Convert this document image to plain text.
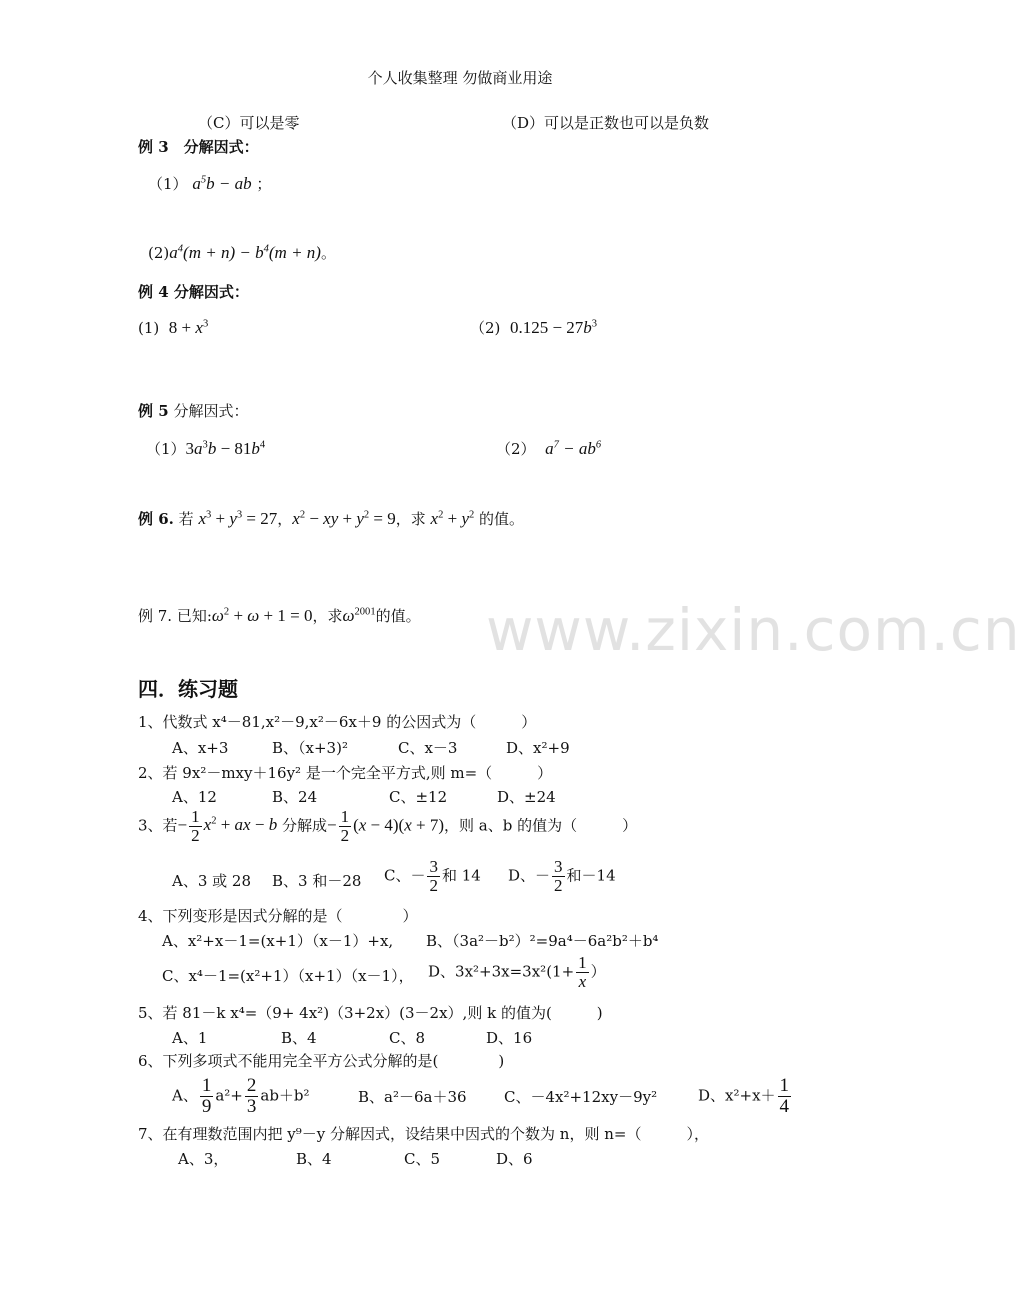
个人收集整理 勿做商业用途
www.zixin.com.cn
（C）可以是零	（D）可以是正数也可以是负数
例 3　分解因式：
（1） $a^5b$ − ab ；
$(2)a^4(m + n) - b^4(m + n)$。
例 4 分解因式：
(1) $8 + x^3$	（2) $0.125 - 27b^3$
例 5 分解因式：
$(1)3a^3b - 81b^4$	（2） $a^7 - ab^6$
例 6. 若 $x^3 + y^3 = 27$，$x^2$ − xy + $y^2 = 9$，求 $x^2 + y^2$ 的值。
例 7. 已知$:\omega^2 + \omega + 1 = 0$，求$\omega^{2001}$的值。
四．练习题
1、代数式 x⁴－81,x²－9,x²－6x＋9 的公因式为（　　　）
A、x+3	B、（x+3)²	C、x－3	D、x²+9
2、若 9x²－mxy＋16y² 是一个完全平方式,则 m=（　　　）
A、12	B、24	C、±12	D、±24
3、若− $\frac{1}{2} x^2$ + ax − b 分解成− $\frac{1}{2} (x - 4)(x + 7)$，则 a、b 的值为（　　　）
A、3 或 28 B、3 和－28 C、－ $\frac{3}{2}$ 和 14 D、－ $\frac{3}{2}$ 和－14
4、下列变形是因式分解的是（　　　　）
A、x²+x－1=(x+1）（x－1）+x, B、（3a²－b²）²=9a⁴－6a²b²＋b⁴
C、x⁴－1=(x²+1）（x+1）（x－1）， D、$3x^2+3x=3x^2(1+ \frac{1}{x}$ ）
5、若 81－k x⁴=（9+ 4x²)（3+2x）(3－2x）,则 k 的值为(　　　)
A、1	B、4	C、8	D、16
6、下列多项式不能用完全平方公式分解的是(　　　　)
A、 $\frac{1}{9} a^2+ \frac{2}{3} ab+b^2$	B、a²－6a＋36 C、－4x²+12xy－9y²	D、$x^2+x+ \frac{1}{4}$
7、在有理数范围内把 y⁹－y 分解因式，设结果中因式的个数为 n，则 n=（　　　），
A、3，	B、4	C、5	D、6
